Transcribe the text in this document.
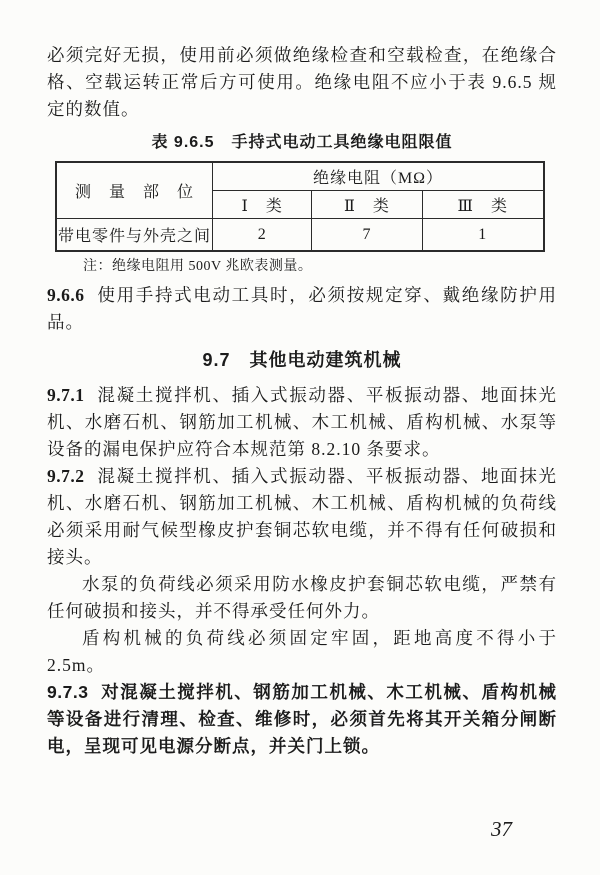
必须完好无损，使用前必须做绝缘检查和空载检查，在绝缘合格、空载运转正常后方可使用。绝缘电阻不应小于表 9.6.5 规定的数值。

表 9.6.5　手持式电动工具绝缘电阻限值
测　量　部　位	绝缘电阻（MΩ）		
	Ⅰ　类	Ⅱ　类	Ⅲ　类
带电零件与外壳之间	2	7	1

注：绝缘电阻用 500V 兆欧表测量。

9.6.6 使用手持式电动工具时，必须按规定穿、戴绝缘防护用品。

9.7　其他电动建筑机械

9.7.1 混凝土搅拌机、插入式振动器、平板振动器、地面抹光机、水磨石机、钢筋加工机械、木工机械、盾构机械、水泵等设备的漏电保护应符合本规范第 8.2.10 条要求。

9.7.2 混凝土搅拌机、插入式振动器、平板振动器、地面抹光机、水磨石机、钢筋加工机械、木工机械、盾构机械的负荷线必须采用耐气候型橡皮护套铜芯软电缆，并不得有任何破损和接头。

水泵的负荷线必须采用防水橡皮护套铜芯软电缆，严禁有任何破损和接头，并不得承受任何外力。

盾构机械的负荷线必须固定牢固，距地高度不得小于 2.5m。

9.7.3 对混凝土搅拌机、钢筋加工机械、木工机械、盾构机械等设备进行清理、检查、维修时，必须首先将其开关箱分闸断电，呈现可见电源分断点，并关门上锁。

37
